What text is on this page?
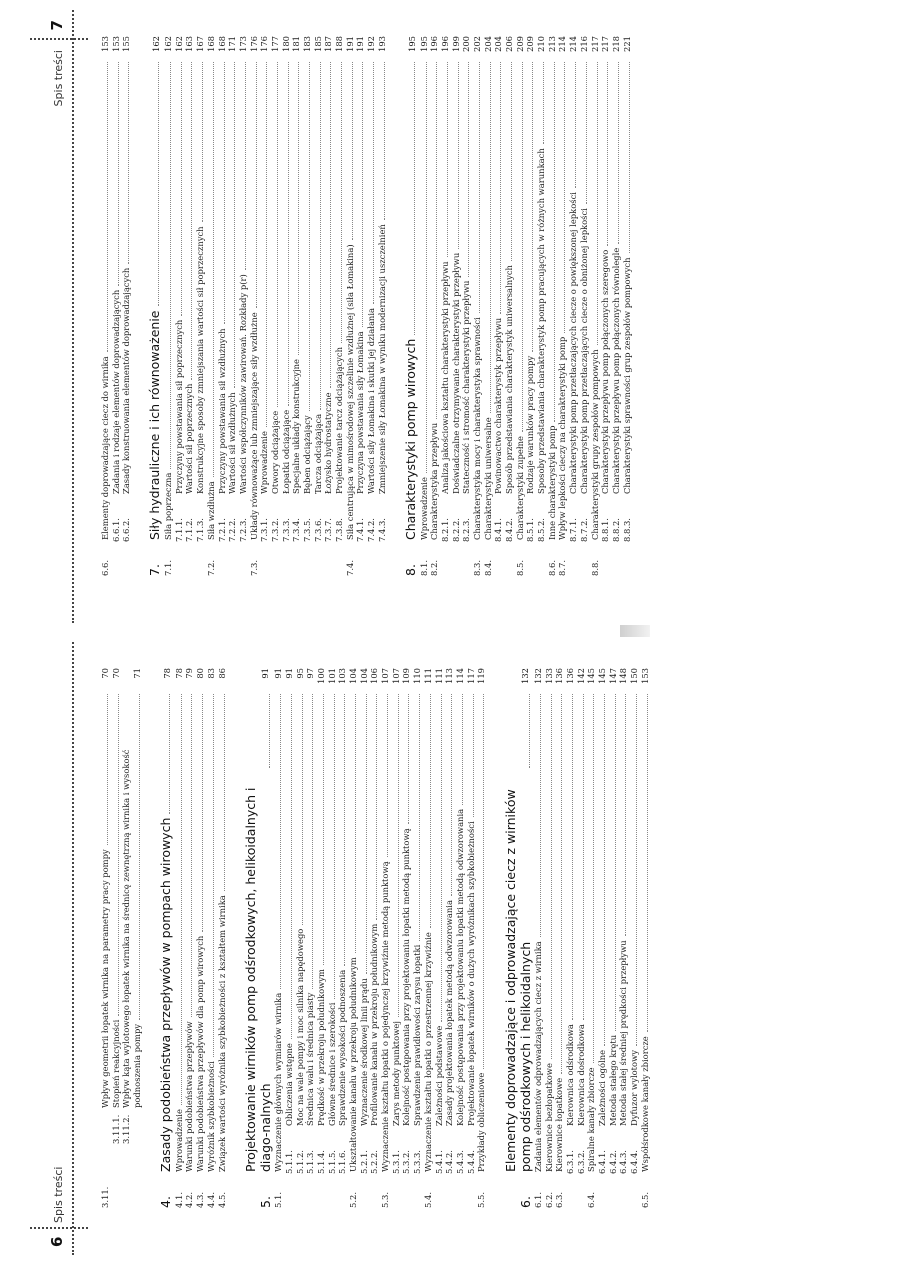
6
Spis treści	3.11.
Wpływ geometrii łopatek wirnika na parametry pracy pompy
70
3.11.1.
Stopień reakcyjności
70
3.11.2.
Wpływ kąta wylotowego łopatek wirnika na średnicę zewnętrzną wirnika i wysokość podnoszenia pompy
71
4.
Zasady podobieństwa przepływów w pompach wirowych
78
4.1.
Wprowadzenie
78
4.2.
Warunki podobieństwa przepływów
79
4.3.
Warunki podobieństwa przepływów dla pomp wirowych
80
4.4.
Wyróżnik szybkobieżności
83
4.5.
Związek wartości wyróżnika szybkobieżności z kształtem wirnika
86
5.
Projektowanie wirników pomp odśrodkowych, helikoidalnych i diago-nalnych
91
5.1.
Wyznaczenie głównych wymiarów wirnika
91
5.1.1.
Obliczenia wstępne
91
5.1.2.
Moc na wale pompy i moc silnika napędowego
95
5.1.3.
Średnica wału i średnica piasty
97
5.1.4.
Prędkość w przekroju południkowym
100
5.1.5.
Główne średnice i szerokości
101
5.1.6.
Sprawdzenie wysokości podnoszenia
103
5.2.
Ukształtowanie kanału w przekroju południkowym
104
5.2.1.
Wyznaczenie środkowej linii prądu
104
5.2.2.
Profilowanie kanału w przekroju południkowym
106
5.3.
Wyznaczenie kształtu łopatki o pojedynczej krzywiźnie metodą punktową
107
5.3.1.
Zarys metody punktowej
107
5.3.2.
Kolejność postępowania przy projektowaniu łopatki metodą punktową
109
5.3.3.
Sprawdzenie prawidłowości zarysu łopatki
110
5.4.
Wyznaczenie kształtu łopatki o przestrzennej krzywiźnie
111
5.4.1.
Zależności podstawowe
111
5.4.2.
Zasady projektowania łopatek metodą odwzorowania
113
5.4.3.
Kolejność postępowania przy projektowaniu łopatki metodą odwzorowania
114
5.4.4.
Projektowanie łopatek wirników o dużych wyróżnikach szybkobieżności
117
5.5.
Przykłady obliczeniowe
119
6.
Elementy doprowadzające i odprowadzające ciecz z wirników pomp odśrodkowych i helikoidalnych
132
6.1.
Zadania elementów odprowadzających ciecz z wirnika
132
6.2.
Kierownice bezłopatkowe
133
6.3.
Kierownice łopatkowe
136
6.3.1.
Kierownica odśrodkowa
136
6.3.2.
Kierownica dośrodkowa
142
6.4.
Spiralne kanały zbiorcze
145
6.4.1.
Zależności ogólne
145
6.4.2.
Metoda stałego krętu
147
6.4.3.
Metoda stałej średniej prędkości przepływu
148
6.4.4.
Dyfuzor wylotowy
150
6.5.
Współśrodkowe kanały zbiorcze
153
Spis treści
7
6.6.
Elementy doprowadzające ciecz do wirnika
153
6.6.1.
Zadania i rodzaje elementów doprowadzających
153
6.6.2.
Zasady konstruowania elementów doprowadzających
155
7.
Siły hydrauliczne i ich równoważenie
162
7.1.
Siła poprzeczna
162
7.1.1.
Przyczyny powstawania sił poprzecznych
162
7.1.2.
Wartości sił poprzecznych
163
7.1.3.
Konstrukcyjne sposoby zmniejszania wartości sił poprzecznych
167
7.2.
Siła wzdłużna
168
7.2.1.
Przyczyny powstawania sił wzdłużnych
168
7.2.2.
Wartości sił wzdłużnych
171
7.2.3.
Wartości współczynników zawirowań. Rozkłady p(r)
173
7.3.
Układy równoważące lub zmniejszające siły wzdłużne
176
7.3.1.
Wprowadzenie
176
7.3.2.
Otwory odciążające
177
7.3.3.
Łopatki odciążające
180
7.3.4.
Specjalne układy konstrukcyjne
181
7.3.5.
Bęben odciążający
183
7.3.6.
Tarcza odciążająca
185
7.3.7.
Łożysko hydrostatyczne
187
7.3.8.
Projektowanie tarcz odciążających
188
7.4.
Siła centrująca w mimośrodowej szczelinie wzdłużnej (siła Łomakina)
191
7.4.1.
Przyczyna powstawania siły Łomakina
191
7.4.2.
Wartości siły Łomakina i skutki jej działania
192
7.4.3.
Zmniejszenie siły Łomakina w wyniku modernizacji uszczelnień
193
8.
Charakterystyki pomp wirowych
195
8.1.
Wprowadzenie
195
8.2.
Charakterystyka przepływu
196
8.2.1.
Analiza jakościowa kształtu charakterystyki przepływu
196
8.2.2.
Doświadczalne otrzymywanie charakterystyki przepływu
199
8.2.3.
Stateczność i stromość charakterystyki przepływu
200
8.3.
Charakterystyka mocy i charakterystyka sprawności
202
8.4.
Charakterystyki uniwersalne
204
8.4.1.
Powinowactwo charakterystyk przepływu
204
8.4.2.
Sposób przedstawiania charakterystyk uniwersalnych
206
8.5.
Charakterystyki zupełne
209
8.5.1.
Rodzaje warunków pracy pompy
209
8.5.2.
Sposoby przedstawiania charakterystyk pomp pracujących w różnych warunkach
210
8.6.
Inne charakterystyki pomp
213
8.7.
Wpływ lepkości cieczy na charakterystyki pomp
214
8.7.1.
Charakterystyki pomp przetłaczających ciecze o powiększonej lepkości
214
8.7.2.
Charakterystyki pomp przetłaczających ciecze o obniżonej lepkości
216
8.8.
Charakterystyki grupy zespołów pompowych
217
8.8.1.
Charakterystyki przepływu pomp połączonych szeregowo
217
8.8.2.
Charakterystyki przepływu pomp połączonych równolegle
218
8.8.3.
Charakterystyki sprawności grup zespołów pompowych
221
